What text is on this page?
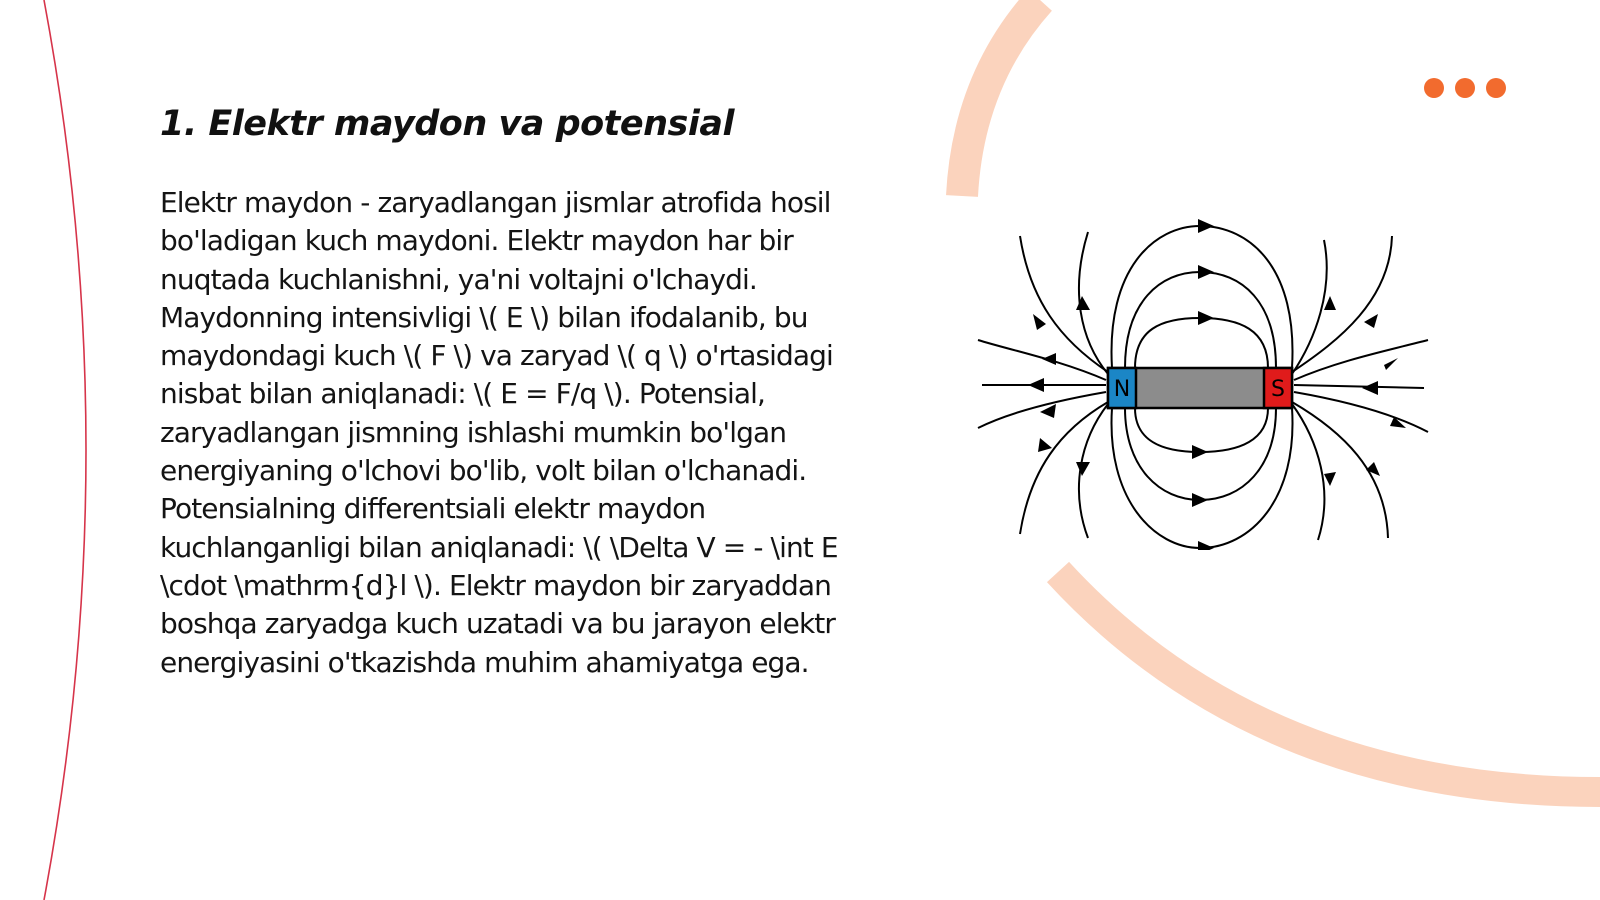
1. Elektr maydon va potensial

Elektr maydon - zaryadlangan jismlar atrofida hosil bo'ladigan kuch maydoni. Elektr maydon har bir nuqtada kuchlanishni, ya'ni voltajni o'lchaydi. Maydonning intensivligi \( E \) bilan ifodalanib, bu maydondagi kuch \( F \) va zaryad \( q \) o'rtasidagi nisbat bilan aniqlanadi: \( E = F/q \). Potensial, zaryadlangan jismning ishlashi mumkin bo'lgan energiyaning o'lchovi bo'lib, volt bilan o'lchanadi. Potensialning differentsiali elektr maydon kuchlanganligi bilan aniqlanadi: \( \Delta V = - \int E \cdot \mathrm{d}l \). Elektr maydon bir zaryaddan boshqa zaryadga kuch uzatadi va bu jarayon elektr energiyasini o'tkazishda muhim ahamiyatga ega.

N	S
